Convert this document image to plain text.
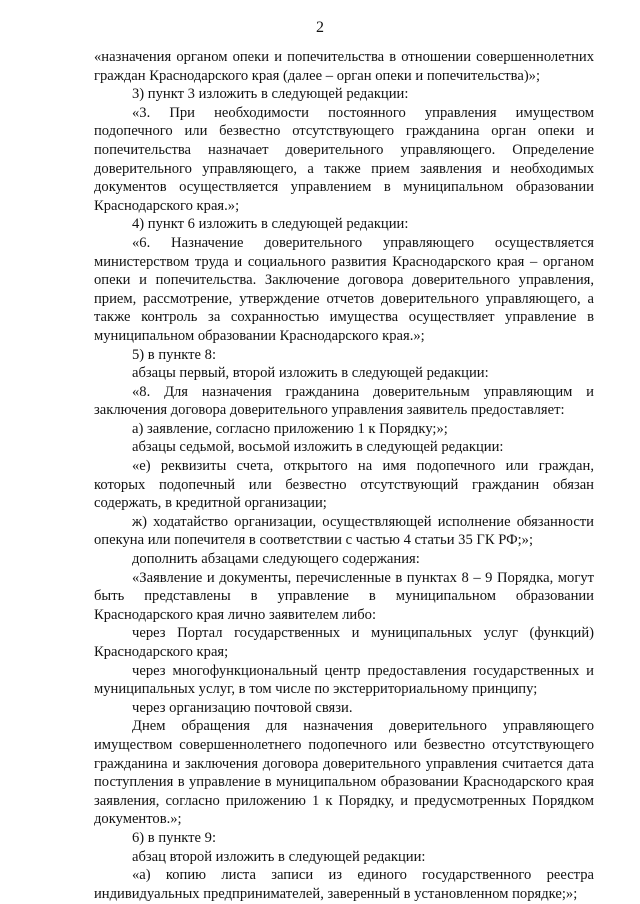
2

«назначения органом опеки и попечительства в отношении совершеннолетних граждан Краснодарского края (далее – орган опеки и попечительства)»;

3) пункт 3 изложить в следующей редакции:

«3. При необходимости постоянного управления имуществом подопечного или безвестно отсутствующего гражданина орган опеки и попечительства назначает доверительного управляющего. Определение доверительного управляющего, а также прием заявления и необходимых документов осуществляется управлением в муниципальном образовании Краснодарского края.»;

4) пункт 6 изложить в следующей редакции:

«6. Назначение доверительного управляющего осуществляется министерством труда и социального развития Краснодарского края – органом опеки и попечительства. Заключение договора доверительного управления, прием, рассмотрение, утверждение отчетов доверительного управляющего, а также контроль за сохранностью имущества осуществляет управление в муниципальном образовании Краснодарского края.»;

5) в пункте 8:

абзацы первый, второй изложить в следующей редакции:

«8. Для назначения гражданина доверительным управляющим и заключения договора доверительного управления заявитель предоставляет:

а) заявление, согласно приложению 1 к Порядку;»;

абзацы седьмой, восьмой изложить в следующей редакции:

«е) реквизиты счета, открытого на имя подопечного или граждан, которых подопечный или безвестно отсутствующий гражданин обязан содержать, в кредитной организации;

ж) ходатайство организации, осуществляющей исполнение обязанности опекуна или попечителя в соответствии с частью 4 статьи 35 ГК РФ;»;

дополнить абзацами следующего содержания:

«Заявление и документы, перечисленные в пунктах 8 – 9 Порядка, могут быть представлены в управление в муниципальном образовании Краснодарского края лично заявителем либо:

через Портал государственных и муниципальных услуг (функций) Краснодарского края;

через многофункциональный центр предоставления государственных и муниципальных услуг, в том числе по экстерриториальному принципу;

через организацию почтовой связи.

Днем обращения для назначения доверительного управляющего имуществом совершеннолетнего подопечного или безвестно отсутствующего гражданина и заключения договора доверительного управления считается дата поступления в управление в муниципальном образовании Краснодарского края заявления, согласно приложению 1 к Порядку, и предусмотренных Порядком документов.»;

6) в пункте 9:

абзац второй изложить в следующей редакции:

«а) копию листа записи из единого государственного реестра индивидуальных предпринимателей, заверенный в установленном порядке;»;
